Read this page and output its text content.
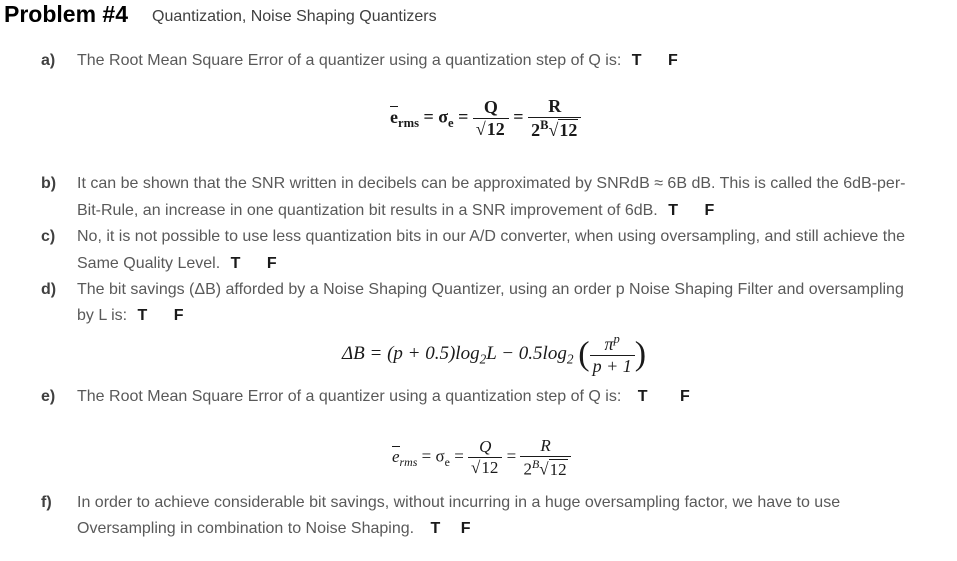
Problem #4 Quantization, Noise Shaping Quantizers
a) The Root Mean Square Error of a quantizer using a quantization step of Q is: T F
$e_{rms} = \sigma_e = \frac{Q}{√12} = \frac{R}{2^B√12}$
b) It can be shown that the SNR written in decibels can be approximated by SNRdB ≈ 6B dB. This is called the 6dB-per-
Bit-Rule, an increase in one quantization bit results in a SNR improvement of 6dB. T F
c) No, it is not possible to use less quantization bits in our A/D converter, when using oversampling, and still achieve the
Same Quality Level. T F
d) The bit savings (ΔB) afforded by a Noise Shaping Quantizer, using an order p Noise Shaping Filter and oversampling
by L is: T F
$\Delta B = (p + 0.5)\log_2L - 0.5\log_2$ ( $\frac{\pi^p}{p + 1}$ )
e) The Root Mean Square Error of a quantizer using a quantization step of Q is: T F
$e_{rms} = \sigma_e = \frac{Q}{√12} = \frac{R}{2^B√12}$
f) In order to achieve considerable bit savings, without incurring in a huge oversampling factor, we have to use
Oversampling in combination to Noise Shaping. T F
